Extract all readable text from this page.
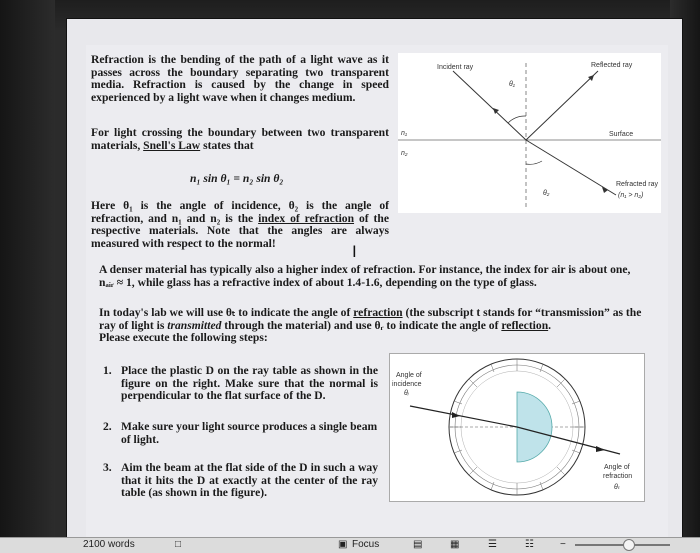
Refraction is the bending of the path of a light wave as it passes across the boundary separating two transparent media. Refraction is caused by the change in speed experienced by a light wave when it changes medium.

For light crossing the boundary between two transparent materials, Snell's Law states that

n₁ sin θ₁ = n₂ sin θ₂

Here θ₁ is the angle of incidence, θ₂ is the angle of refraction, and n₁ and n₂ is the index of refraction of the respective materials. Note that the angles are always measured with respect to the normal!	I
Incident ray	Reflected ray
θ₁
n₁
n₂
Surface
θ₂
Refracted ray
(n₁ > n₂)

A denser material has typically also a higher index of refraction. For instance, the index for air is about one, nₐᵢᵣ ≈ 1, while glass has a refractive index of about 1.4-1.6, depending on the type of glass.

In today's lab we will use θₜ to indicate the angle of refraction (the subscript t stands for “transmission” as the ray of light is transmitted through the material) and use θᵣ to indicate the angle of reflection.

Please execute the following steps:

1. Place the plastic D on the ray table as shown in the figure on the right. Make sure that the normal is perpendicular to the flat surface of the D.

2. Make sure your light source produces a single beam of light.

3. Aim the beam at the flat side of the D in such a way that it hits the D at exactly at the center of the ray table (as shown in the figure).

Angle of
incidence
θᵢ
Angle of
refraction
θₜ
2100 words	□	▣ Focus	▤	▦	☰	☷	−
